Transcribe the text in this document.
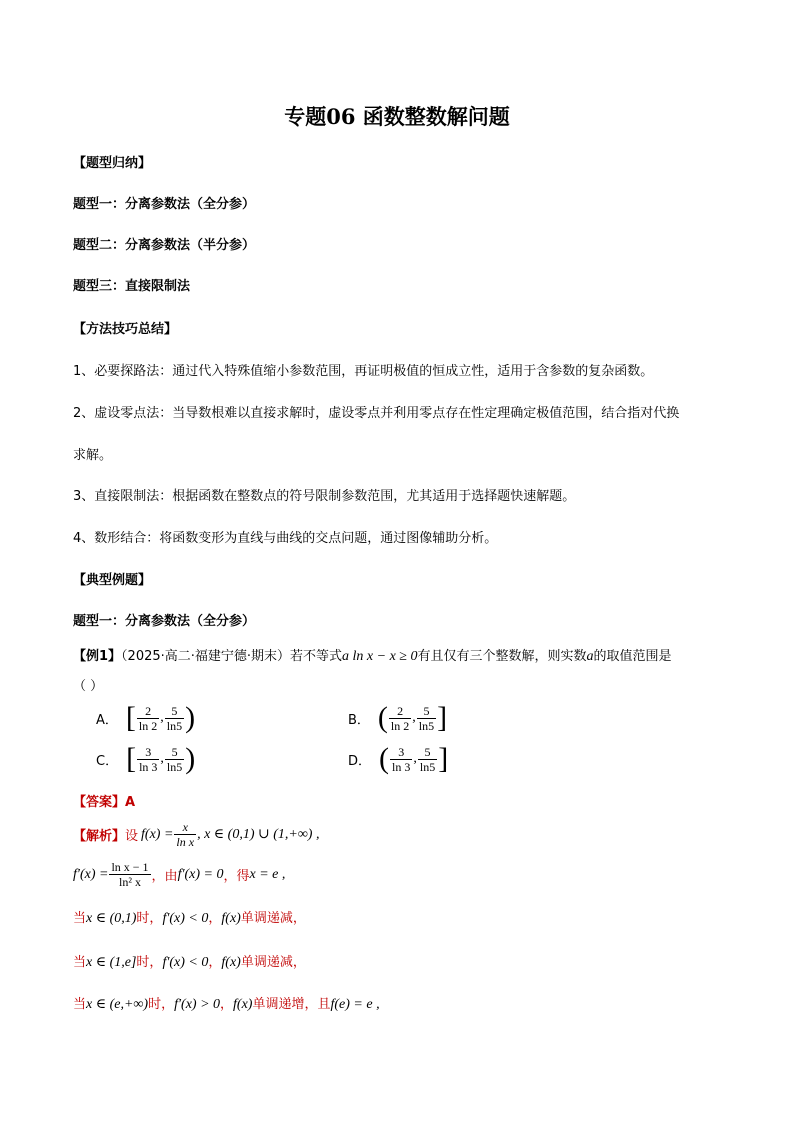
专题06 函数整数解问题
【题型归纳】
题型一：分离参数法（全分参）
题型二：分离参数法（半分参）
题型三：直接限制法
【方法技巧总结】
1、必要探路法：通过代入特殊值缩小参数范围，再证明极值的恒成立性，适用于含参数的复杂函数。
2、虚设零点法：当导数根难以直接求解时，虚设零点并利用零点存在性定理确定极值范围，结合指对代换
求解。
3、直接限制法：根据函数在整数点的符号限制参数范围，尤其适用于选择题快速解题。
4、数形结合：将函数变形为直线与曲线的交点问题，通过图像辅助分析。
【典型例题】
题型一：分离参数法（全分参）
【例1】（2025·高二·福建宁德·期末）若不等式a ln x − x ≥ 0有且仅有三个整数解，则实数a的取值范围是
（ ）
A． [ $\frac{2}{\ln 2}$ , $\frac{5}{\ln 5}$ )	B． ( $\frac{2}{\ln 2}$ , $\frac{5}{\ln 5}$ ]
C． [ $\frac{3}{\ln 3}$ , $\frac{5}{\ln 5}$ )	D． ( $\frac{3}{\ln 3}$ , $\frac{5}{\ln 5}$ ]
【答案】A
【解析】 设 $f(x) = \frac{x}{\text{ln x}}$ , x ∈ (0,1) ∪ (1,+∞) ,
$f'(x) = \frac{\text{ln x − 1}}{\text{ln² x}}$ ，由 f′(x) = 0 ，得 x = e ,
当x ∈ (0,1)时，f′(x) < 0，f(x)单调递减，
当x ∈ (1,e]时，f′(x) < 0，f(x)单调递减，
当x ∈ (e,+∞)时，f′(x) > 0，f(x)单调递增，且f(e) = e ,
